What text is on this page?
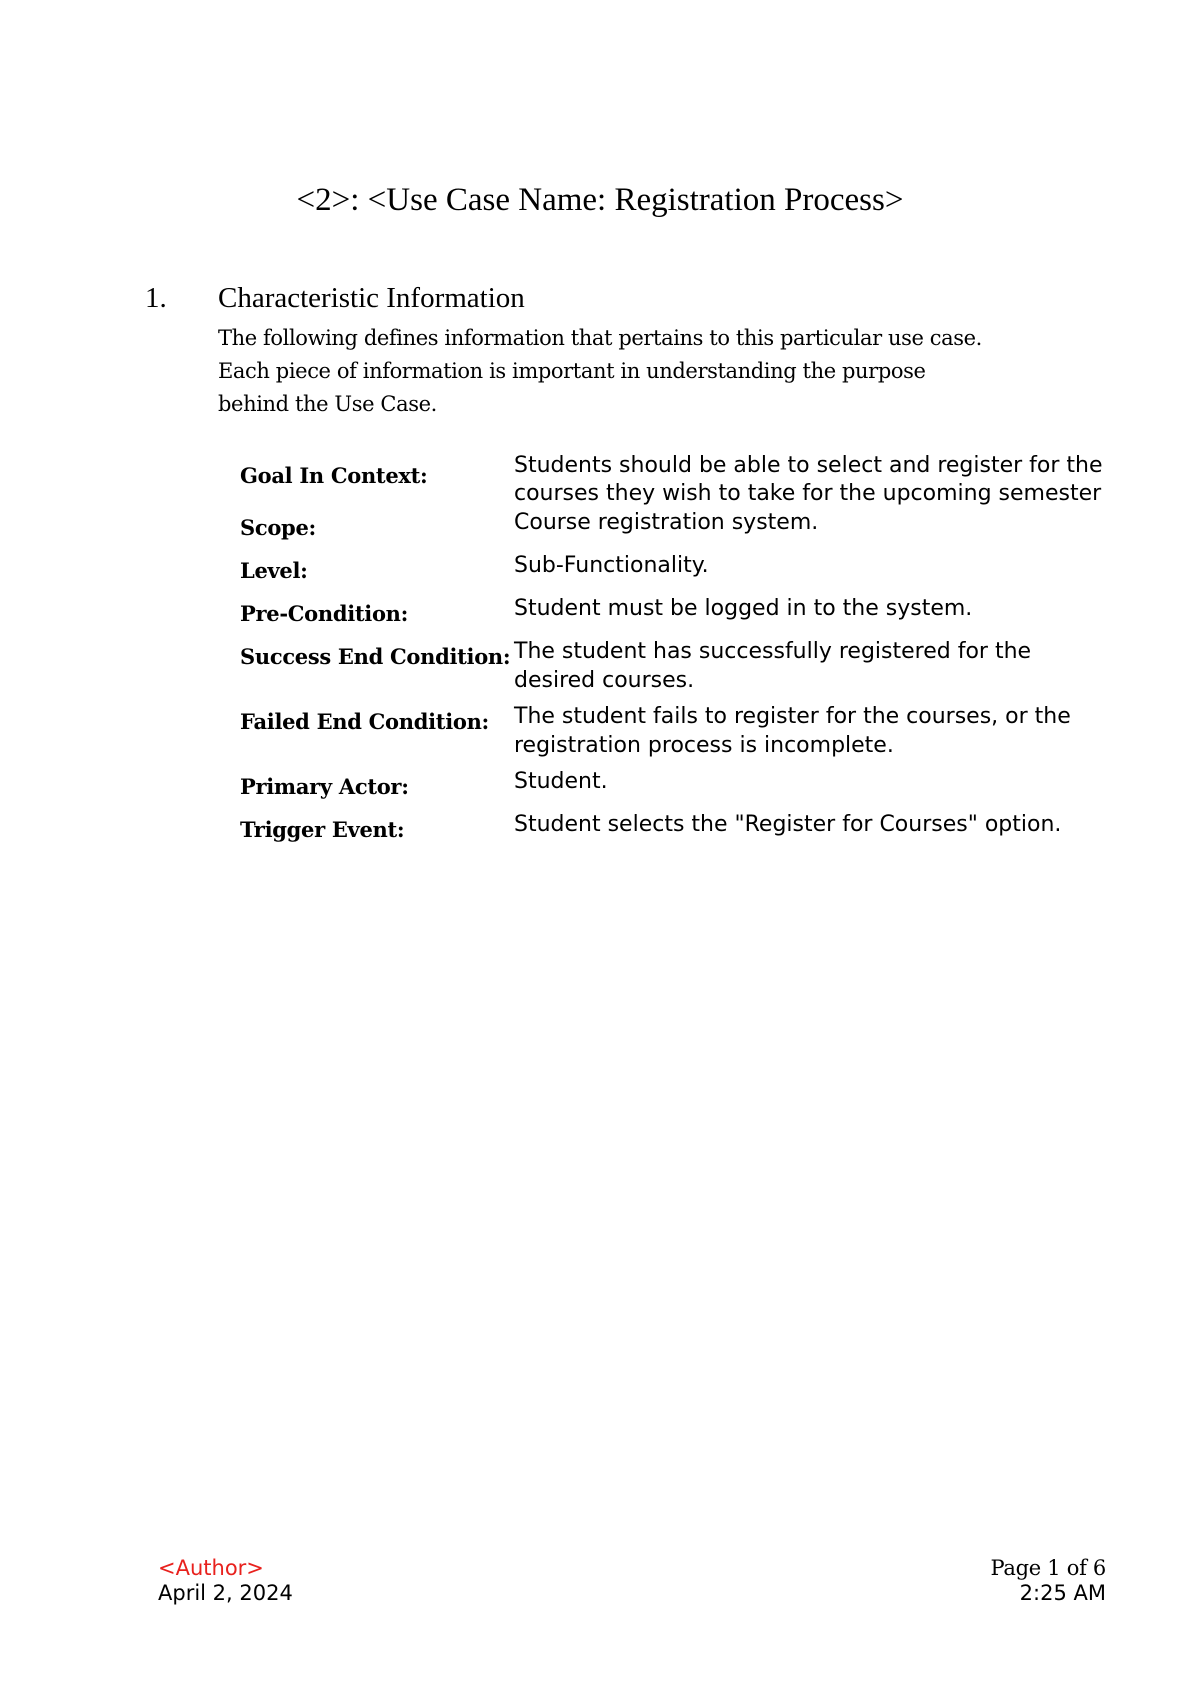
<2>: <Use Case Name: Registration Process>
1. Characteristic Information

The following defines information that pertains to this particular use case.

Each piece of information is important in understanding the purpose

behind the Use Case.

Goal In Context:	Students should be able to select and register for the courses they wish to take for the upcoming semester
Scope:	Course registration system.
Level:	Sub-Functionality.
Pre-Condition:	Student must be logged in to the system.
Success End Condition: The student has successfully registered for the desired courses.
Failed End Condition:	The student fails to register for the courses, or the registration process is incomplete.
Primary Actor:	Student.
Trigger Event:	Student selects the "Register for Courses" option.
<Author>
April 2, 2024
Page 1 of 6
2:25 AM
